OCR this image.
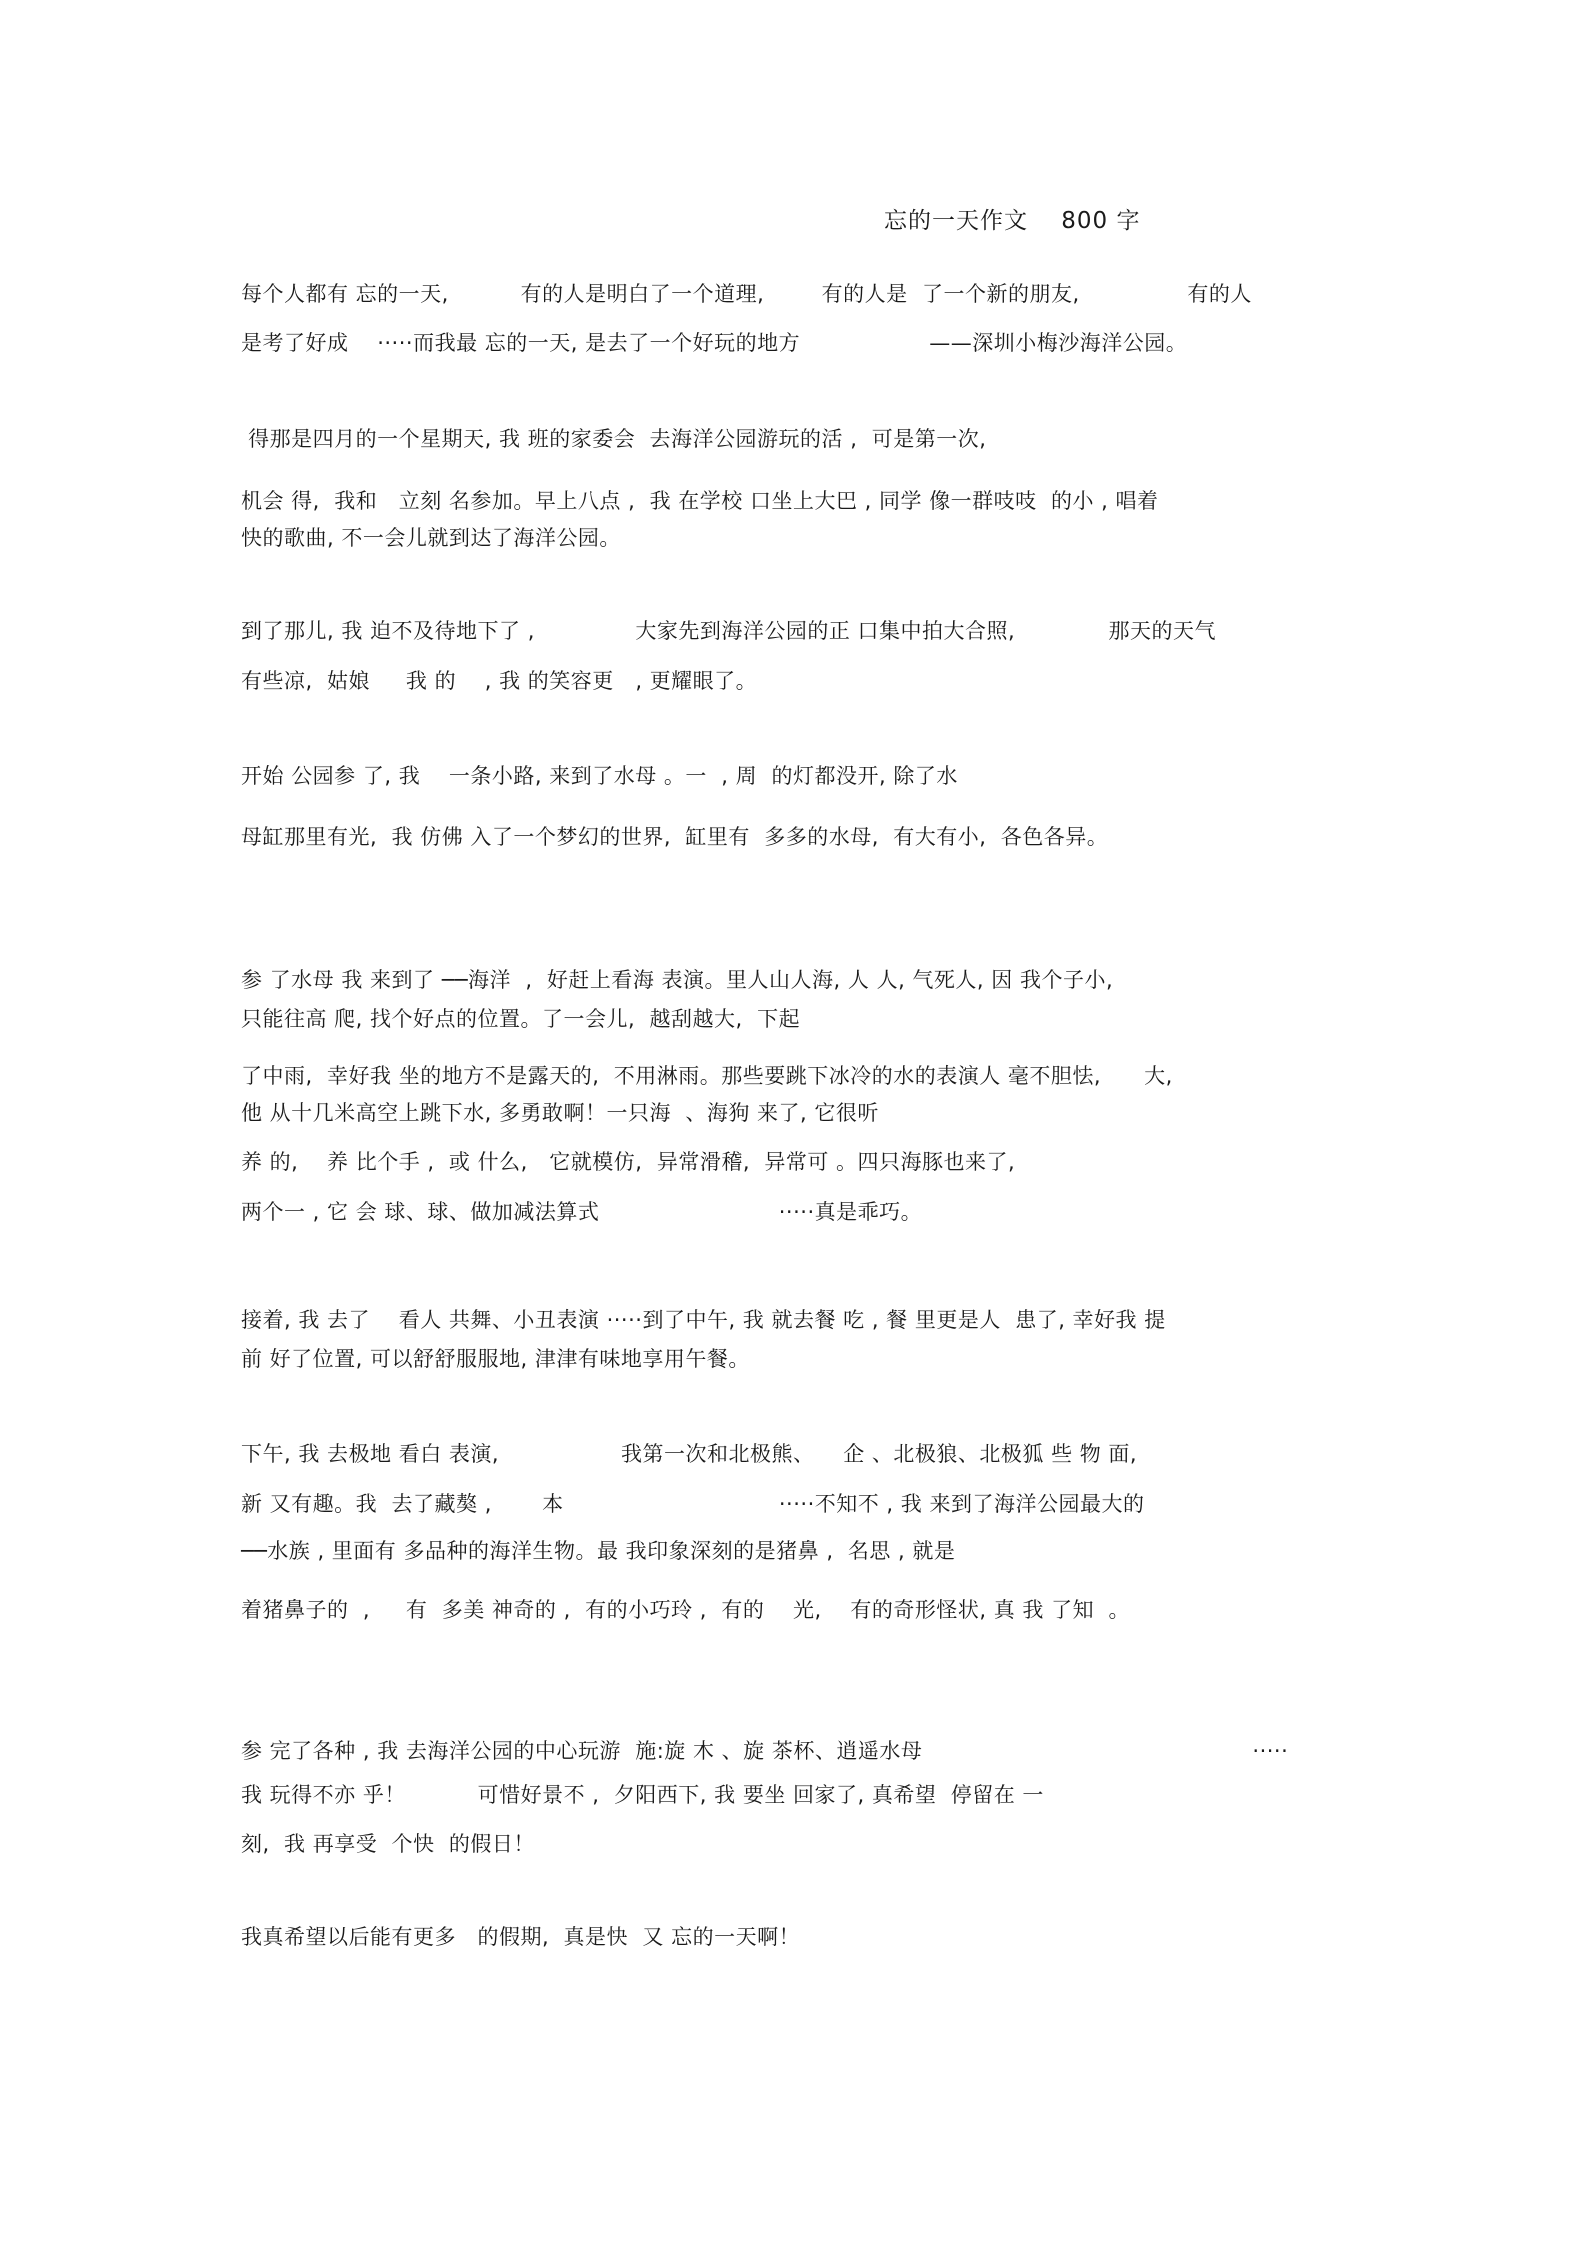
忘的一天作文    800 字
每个人都有 忘的一天,          有的人是明白了一个道理,        有的人是  了一个新的朋友,               有的人
是考了好成    ·····而我最 忘的一天, 是去了一个好玩的地方                  ——深圳小梅沙海洋公园。
得那是四月的一个星期天, 我 班的家委会  去海洋公园游玩的活 ,  可是第一次,
机会 得,  我和   立刻 名参加。早上八点 ,  我 在学校 口坐上大巴 , 同学 像一群吱吱  的小 , 唱着
快的歌曲, 不一会儿就到达了海洋公园。
到了那儿, 我 迫不及待地下了 ,              大家先到海洋公园的正 口集中拍大合照,             那天的天气
有些凉,  姑娘     我 的    , 我 的笑容更   , 更耀眼了。
开始 公园参 了, 我    一条小路, 来到了水母 。一  , 周  的灯都没开, 除了水
母缸那里有光,  我 仿佛 入了一个梦幻的世界,  缸里有  多多的水母,  有大有小,  各色各异。
参 了水母 我 来到了 ──海洋  ,  好赶上看海 表演。里人山人海, 人 人, 气死人, 因 我个子小,
只能往高 爬, 找个好点的位置。了一会儿,  越刮越大,  下起
了中雨,  幸好我 坐的地方不是露天的,  不用淋雨。那些要跳下冰冷的水的表演人 毫不胆怯,      大,
他 从十几米高空上跳下水, 多勇敢啊！一只海  、海狗 来了, 它很听
养 的,    养 比个手 ,  或 什么,   它就模仿,  异常滑稽,  异常可 。四只海豚也来了,
两个一 , 它 会 球、球、做加减法算式                         ·····真是乖巧。
接着, 我 去了    看人 共舞、小丑表演 ·····到了中午, 我 就去餐 吃 , 餐 里更是人  患了, 幸好我 提
前 好了位置, 可以舒舒服服地, 津津有味地享用午餐。
下午, 我 去极地 看白 表演,                 我第一次和北极熊、    企 、北极狼、北极狐 些 物 面,
新 又有趣。我  去了藏獒 ,       本                              ·····不知不 , 我 来到了海洋公园最大的
──水族 , 里面有 多品种的海洋生物。最 我印象深刻的是猪鼻 ,  名思 , 就是
着猪鼻子的  ,     有  多美 神奇的 ,  有的小巧玲 ,  有的    光,    有的奇形怪状, 真 我 了知  。
参 完了各种 , 我 去海洋公园的中心玩游  施:旋 木 、旋 茶杯、逍遥水母                                              ·····
我 玩得不亦 乎！          可惜好景不 ,  夕阳西下, 我 要坐 回家了, 真希望  停留在 一
刻,  我 再享受  个快  的假日！
我真希望以后能有更多   的假期,  真是快  又 忘的一天啊！
